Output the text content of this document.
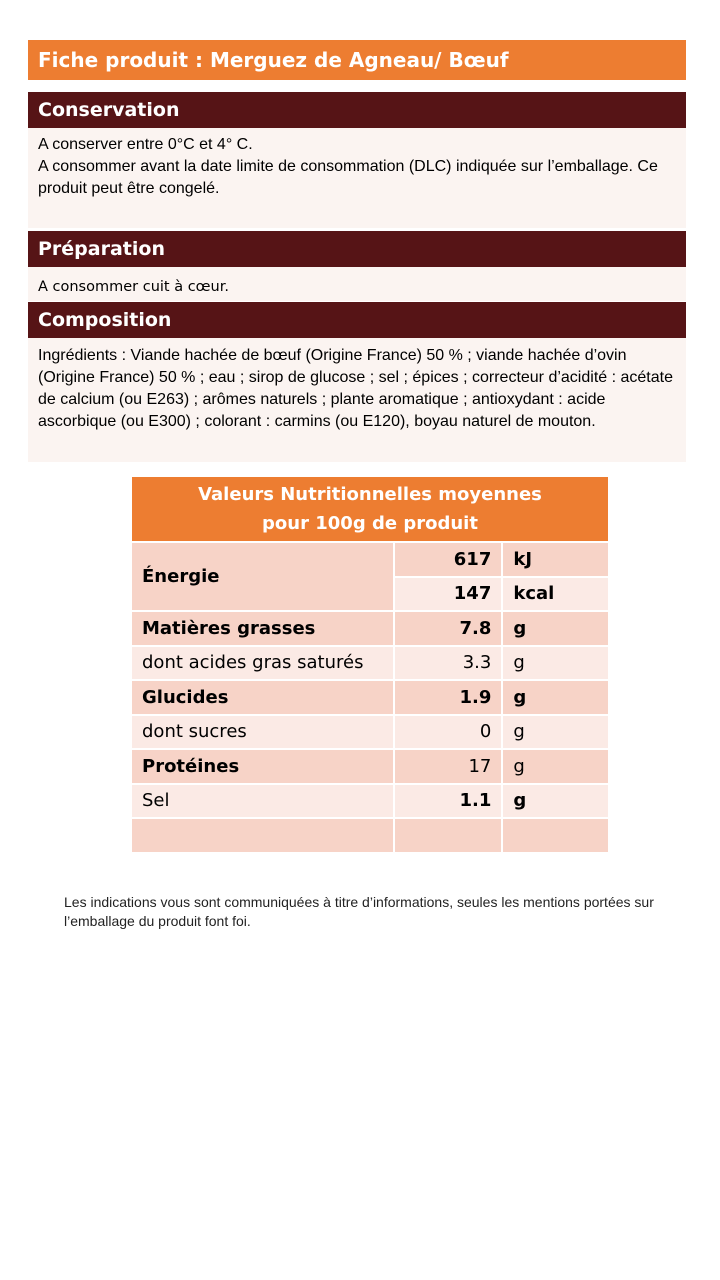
Fiche produit : Merguez de Agneau/ Bœuf
Conservation

A conserver entre 0°C et 4° C.

A consommer avant la date limite de consommation (DLC) indiquée sur l’emballage. Ce produit peut être congelé.

Préparation

A consommer cuit à cœur.

Composition

Ingrédients : Viande hachée de bœuf (Origine France) 50 % ; viande hachée d’ovin (Origine France) 50 % ; eau ; sirop de glucose ; sel ; épices ; correcteur d’acidité : acétate de calcium (ou E263) ; arômes naturels ; plante aromatique ; antioxydant : acide ascorbique (ou E300) ; colorant : carmins (ou E120), boyau naturel de mouton.

Valeurs Nutritionnelles moyennes
pour 100g de produit		

Énergie	617	kJ
	147	kcal
Matières grasses	7.8	g
dont acides gras saturés	3.3	g
Glucides	1.9	g
dont sucres	0	g
Protéines	17	g
Sel	1.1	g

Les indications vous sont communiquées à titre d’informations, seules les mentions portées sur l’emballage du produit font foi.
